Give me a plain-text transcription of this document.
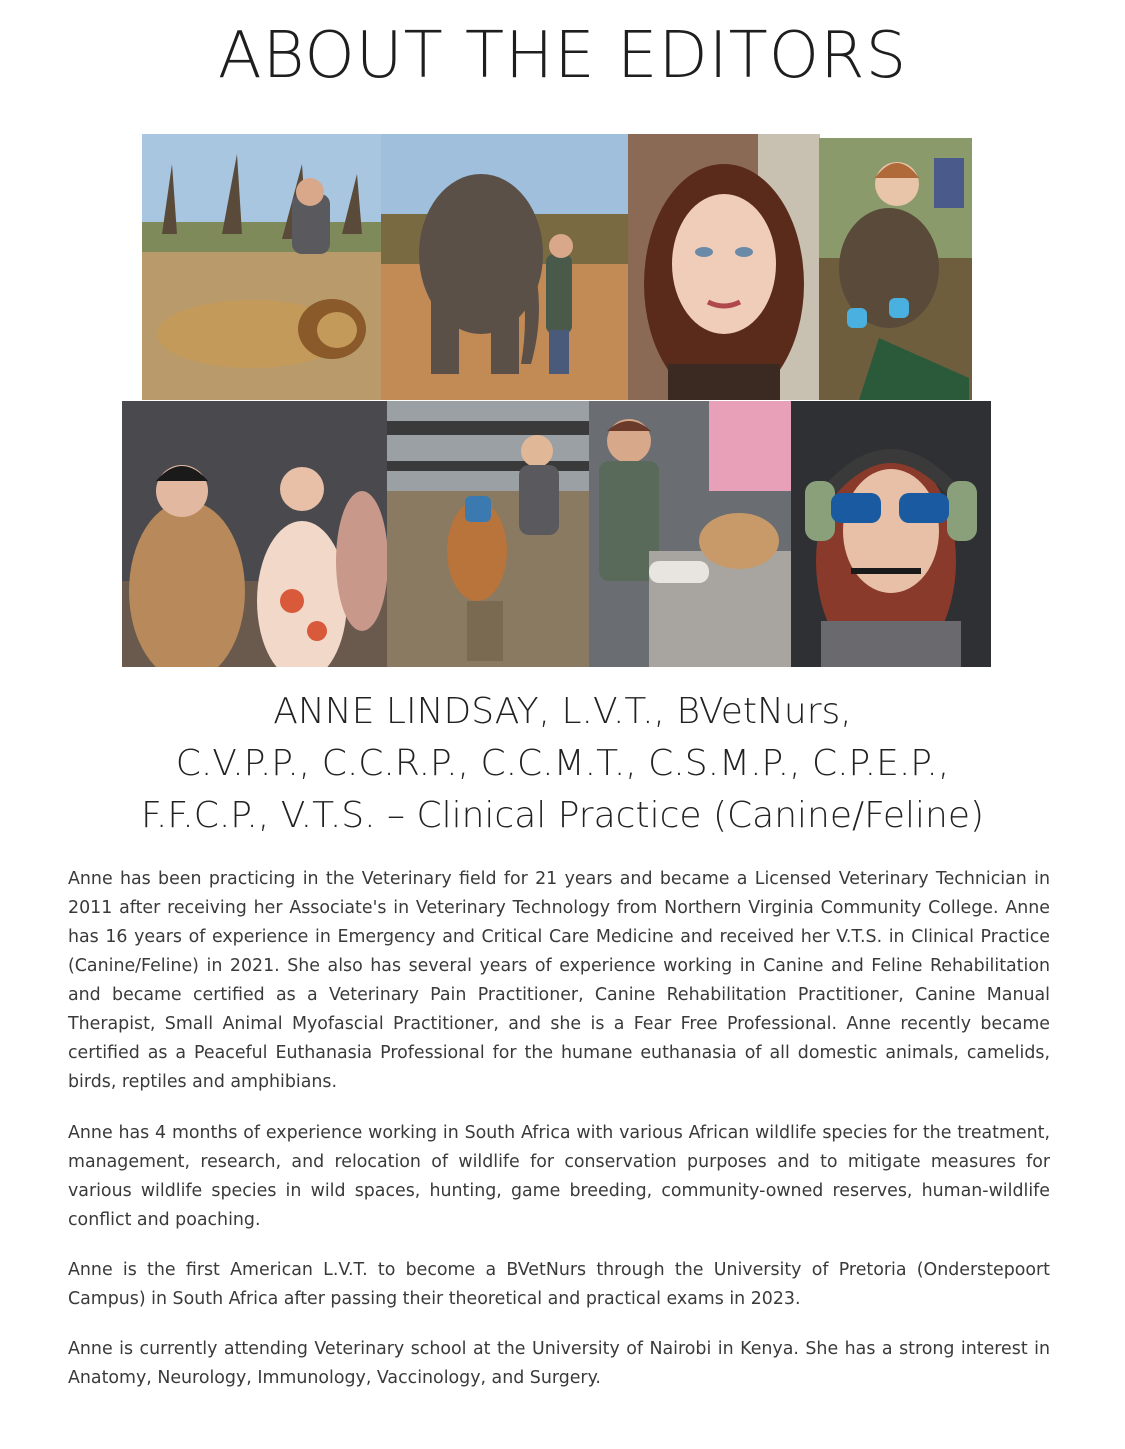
ABOUT THE EDITORS
ANNE LINDSAY, L.V.T., BVetNurs,
C.V.P.P., C.C.R.P., C.C.M.T., C.S.M.P., C.P.E.P.,
F.F.C.P., V.T.S. – Clinical Practice (Canine/Feline)

Anne has been practicing in the Veterinary field for 21 years and became a Licensed Veterinary Technician in 2011 after receiving her Associate's in Veterinary Technology from Northern Virginia Community College. Anne has 16 years of experience in Emergency and Critical Care Medicine and received her V.T.S. in Clinical Practice (Canine/Feline) in 2021. She also has several years of experience working in Canine and Feline Rehabilitation and became certified as a Veterinary Pain Practitioner, Canine Rehabilitation Practitioner, Canine Manual Therapist, Small Animal Myofascial Practitioner, and she is a Fear Free Professional. Anne recently became certified as a Peaceful Euthanasia Professional for the humane euthanasia of all domestic animals, camelids, birds, reptiles and amphibians.

Anne has 4 months of experience working in South Africa with various African wildlife species for the treatment, management, research, and relocation of wildlife for conservation purposes and to mitigate measures for various wildlife species in wild spaces, hunting, game breeding, community-owned reserves, human-wildlife conflict and poaching.

Anne is the first American L.V.T. to become a BVetNurs through the University of Pretoria (Onderstepoort Campus) in South Africa after passing their theoretical and practical exams in 2023.

Anne is currently attending Veterinary school at the University of Nairobi in Kenya. She has a strong interest in Anatomy, Neurology, Immunology, Vaccinology, and Surgery.
